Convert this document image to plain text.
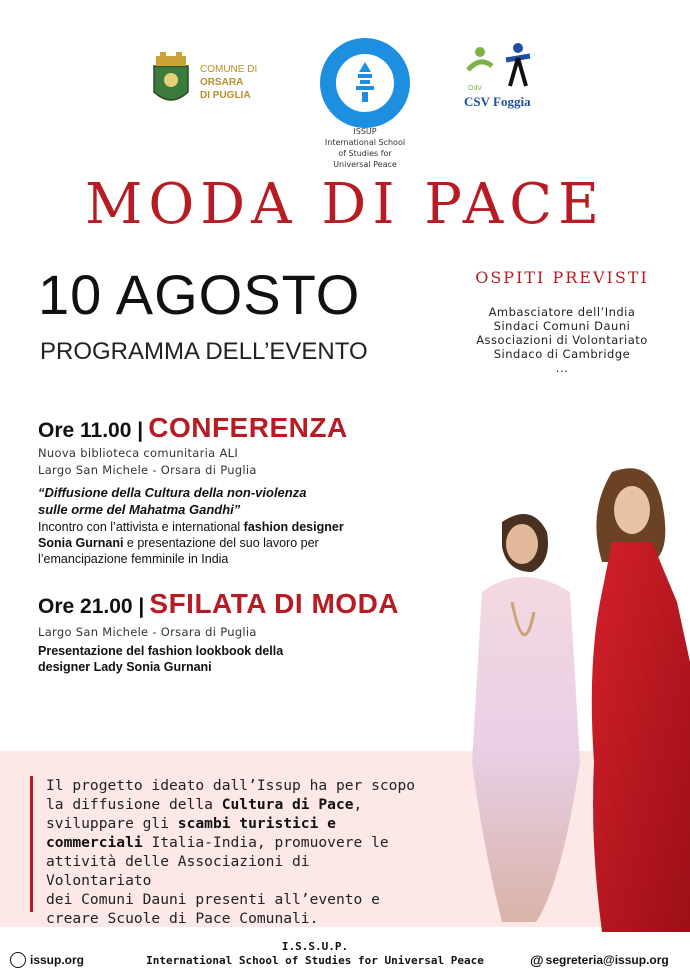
COMUNE DI
ORSARA
DI PUGLIA
ISSUP
International School
of Studies for
Universal Peace
OdV
CSV Foggia
MODA DI PACE
10 AGOSTO
PROGRAMMA DELL’EVENTO
OSPITI PREVISTI
Ambasciatore dell’India
Sindaci Comuni Dauni
Associazioni di Volontariato
Sindaco di Cambridge
...
Ore 11.00 | CONFERENZA
Nuova biblioteca comunitaria ALI
Largo San Michele - Orsara di Puglia
“Diffusione della Cultura della non-violenza
sulle orme del Mahatma Gandhi”
Incontro con l’attivista e international fashion designer
Sonia Gurnani e presentazione del suo lavoro per
l’emancipazione femminile in India
Ore 21.00 | SFILATA DI MODA
Largo San Michele - Orsara di Puglia
Presentazione del fashion lookbook della
designer Lady Sonia Gurnani
Il progetto ideato dall’Issup ha per scopo
la diffusione della Cultura di Pace,
sviluppare gli scambi turistici e
commerciali Italia-India, promuovere le
attività delle Associazioni di Volontariato
dei Comuni Dauni presenti all’evento e
creare Scuole di Pace Comunali.
issup.org
I.S.S.U.P.
International School of Studies for Universal Peace	@ segreteria@issup.org
